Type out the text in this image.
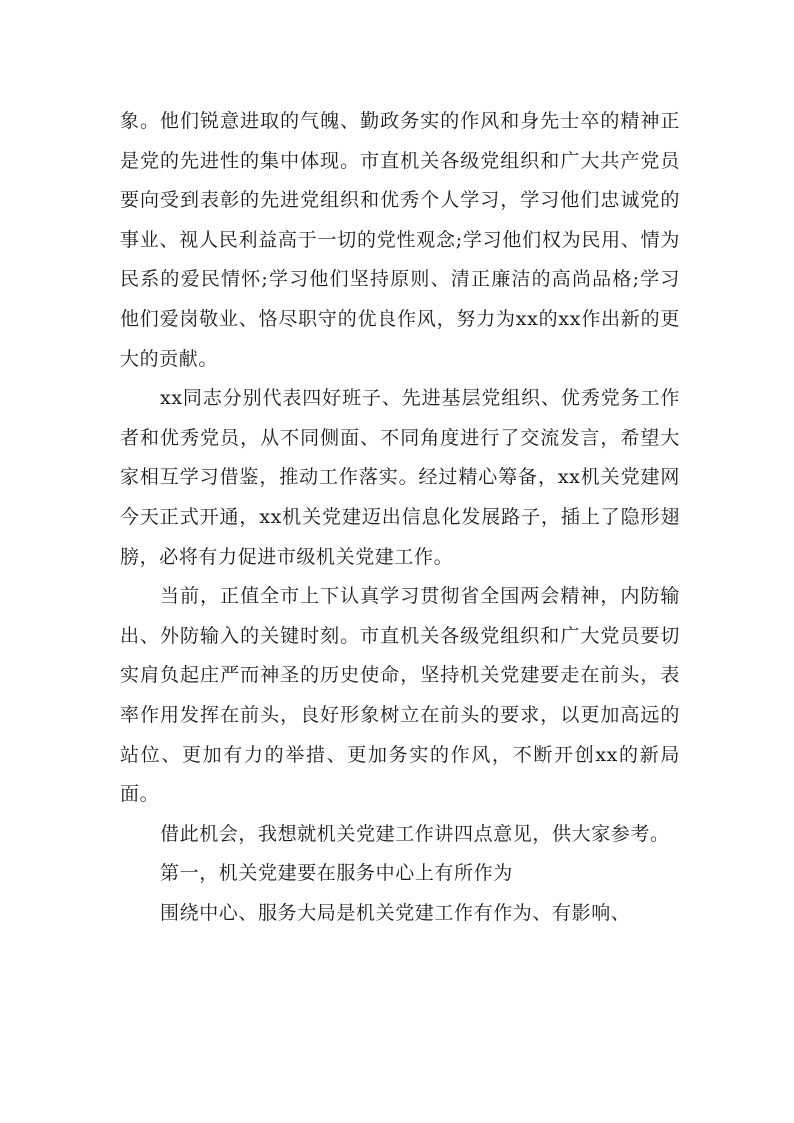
象。他们锐意进取的气魄、勤政务实的作风和身先士卒的精神正是党的先进性的集中体现。市直机关各级党组织和广大共产党员要向受到表彰的先进党组织和优秀个人学习，学习他们忠诚党的事业、视人民利益高于一切的党性观念;学习他们权为民用、情为民系的爱民情怀;学习他们坚持原则、清正廉洁的高尚品格;学习他们爱岗敬业、恪尽职守的优良作风，努力为xx的xx作出新的更大的贡献。

xx同志分别代表四好班子、先进基层党组织、优秀党务工作者和优秀党员，从不同侧面、不同角度进行了交流发言，希望大家相互学习借鉴，推动工作落实。经过精心筹备，xx机关党建网今天正式开通，xx机关党建迈出信息化发展路子，插上了隐形翅膀，必将有力促进市级机关党建工作。

当前，正值全市上下认真学习贯彻省全国两会精神，内防输出、外防输入的关键时刻。市直机关各级党组织和广大党员要切实肩负起庄严而神圣的历史使命，坚持机关党建要走在前头，表率作用发挥在前头，良好形象树立在前头的要求，以更加高远的站位、更加有力的举措、更加务实的作风，不断开创xx的新局面。

借此机会，我想就机关党建工作讲四点意见，供大家参考。

第一，机关党建要在服务中心上有所作为

围绕中心、服务大局是机关党建工作有作为、有影响、
